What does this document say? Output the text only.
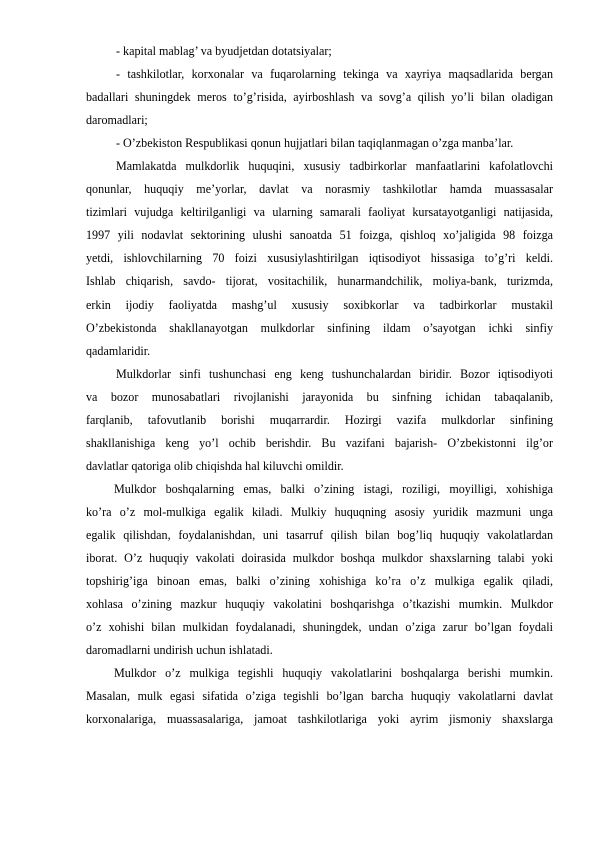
- kapital mablag’ va byudjetdan dotatsiyalar;
- tashkilotlar, korxonalar va fuqarolarning tekinga va xayriya maqsadlarida bergan
badallari shuningdek meros to’g’risida, ayirboshlash va sovg’a qilish yo’li bilan oladigan
daromadlari;
- O’zbekiston Respublikasi qonun hujjatlari bilan taqiqlanmagan o’zga manba’lar.
Mamlakatda mulkdorlik huquqini, xususiy tadbirkorlar manfaatlarini kafolatlovchi
qonunlar, huquqiy me’yorlar, davlat va norasmiy tashkilotlar hamda muassasalar
tizimlari vujudga keltirilganligi va ularning samarali faoliyat kursatayotganligi natijasida,
1997 yili nodavlat sektorining ulushi sanoatda 51 foizga, qishloq xo’jaligida 98 foizga
yetdi, ishlovchilarning 70 foizi xususiylashtirilgan iqtisodiyot hissasiga to’g’ri keldi.
Ishlab chiqarish, savdo- tijorat, vositachilik, hunarmandchilik, moliya-bank, turizmda,
erkin ijodiy faoliyatda mashg’ul xususiy soxibkorlar va tadbirkorlar mustakil
O’zbekistonda shakllanayotgan mulkdorlar sinfining ildam o’sayotgan ichki sinfiy
qadamlaridir.
Mulkdorlar sinfi tushunchasi eng keng tushunchalardan biridir. Bozor iqtisodiyoti
va bozor munosabatlari rivojlanishi jarayonida bu sinfning ichidan tabaqalanib,
farqlanib, tafovutlanib borishi muqarrardir. Hozirgi vazifa mulkdorlar sinfining
shakllanishiga keng yo’l ochib berishdir. Bu vazifani bajarish- O’zbekistonni ilg’or
davlatlar qatoriga olib chiqishda hal kiluvchi omildir.
Mulkdor boshqalarning emas, balki o’zining istagi, roziligi, moyilligi, xohishiga
ko’ra o’z mol-mulkiga egalik kiladi. Mulkiy huquqning asosiy yuridik mazmuni unga
egalik qilishdan, foydalanishdan, uni tasarruf qilish bilan bog’liq huquqiy vakolatlardan
iborat. O’z huquqiy vakolati doirasida mulkdor boshqa mulkdor shaxslarning talabi yoki
topshirig’iga binoan emas, balki o’zining xohishiga ko’ra o’z mulkiga egalik qiladi,
xohlasa o’zining mazkur huquqiy vakolatini boshqarishga o’tkazishi mumkin. Mulkdor
o’z xohishi bilan mulkidan foydalanadi, shuningdek, undan o’ziga zarur bo’lgan foydali
daromadlarni undirish uchun ishlatadi.
Mulkdor o’z mulkiga tegishli huquqiy vakolatlarini boshqalarga berishi mumkin.
Masalan, mulk egasi sifatida o’ziga tegishli bo’lgan barcha huquqiy vakolatlarni davlat
korxonalariga, muassasalariga, jamoat tashkilotlariga yoki ayrim jismoniy shaxslarga
